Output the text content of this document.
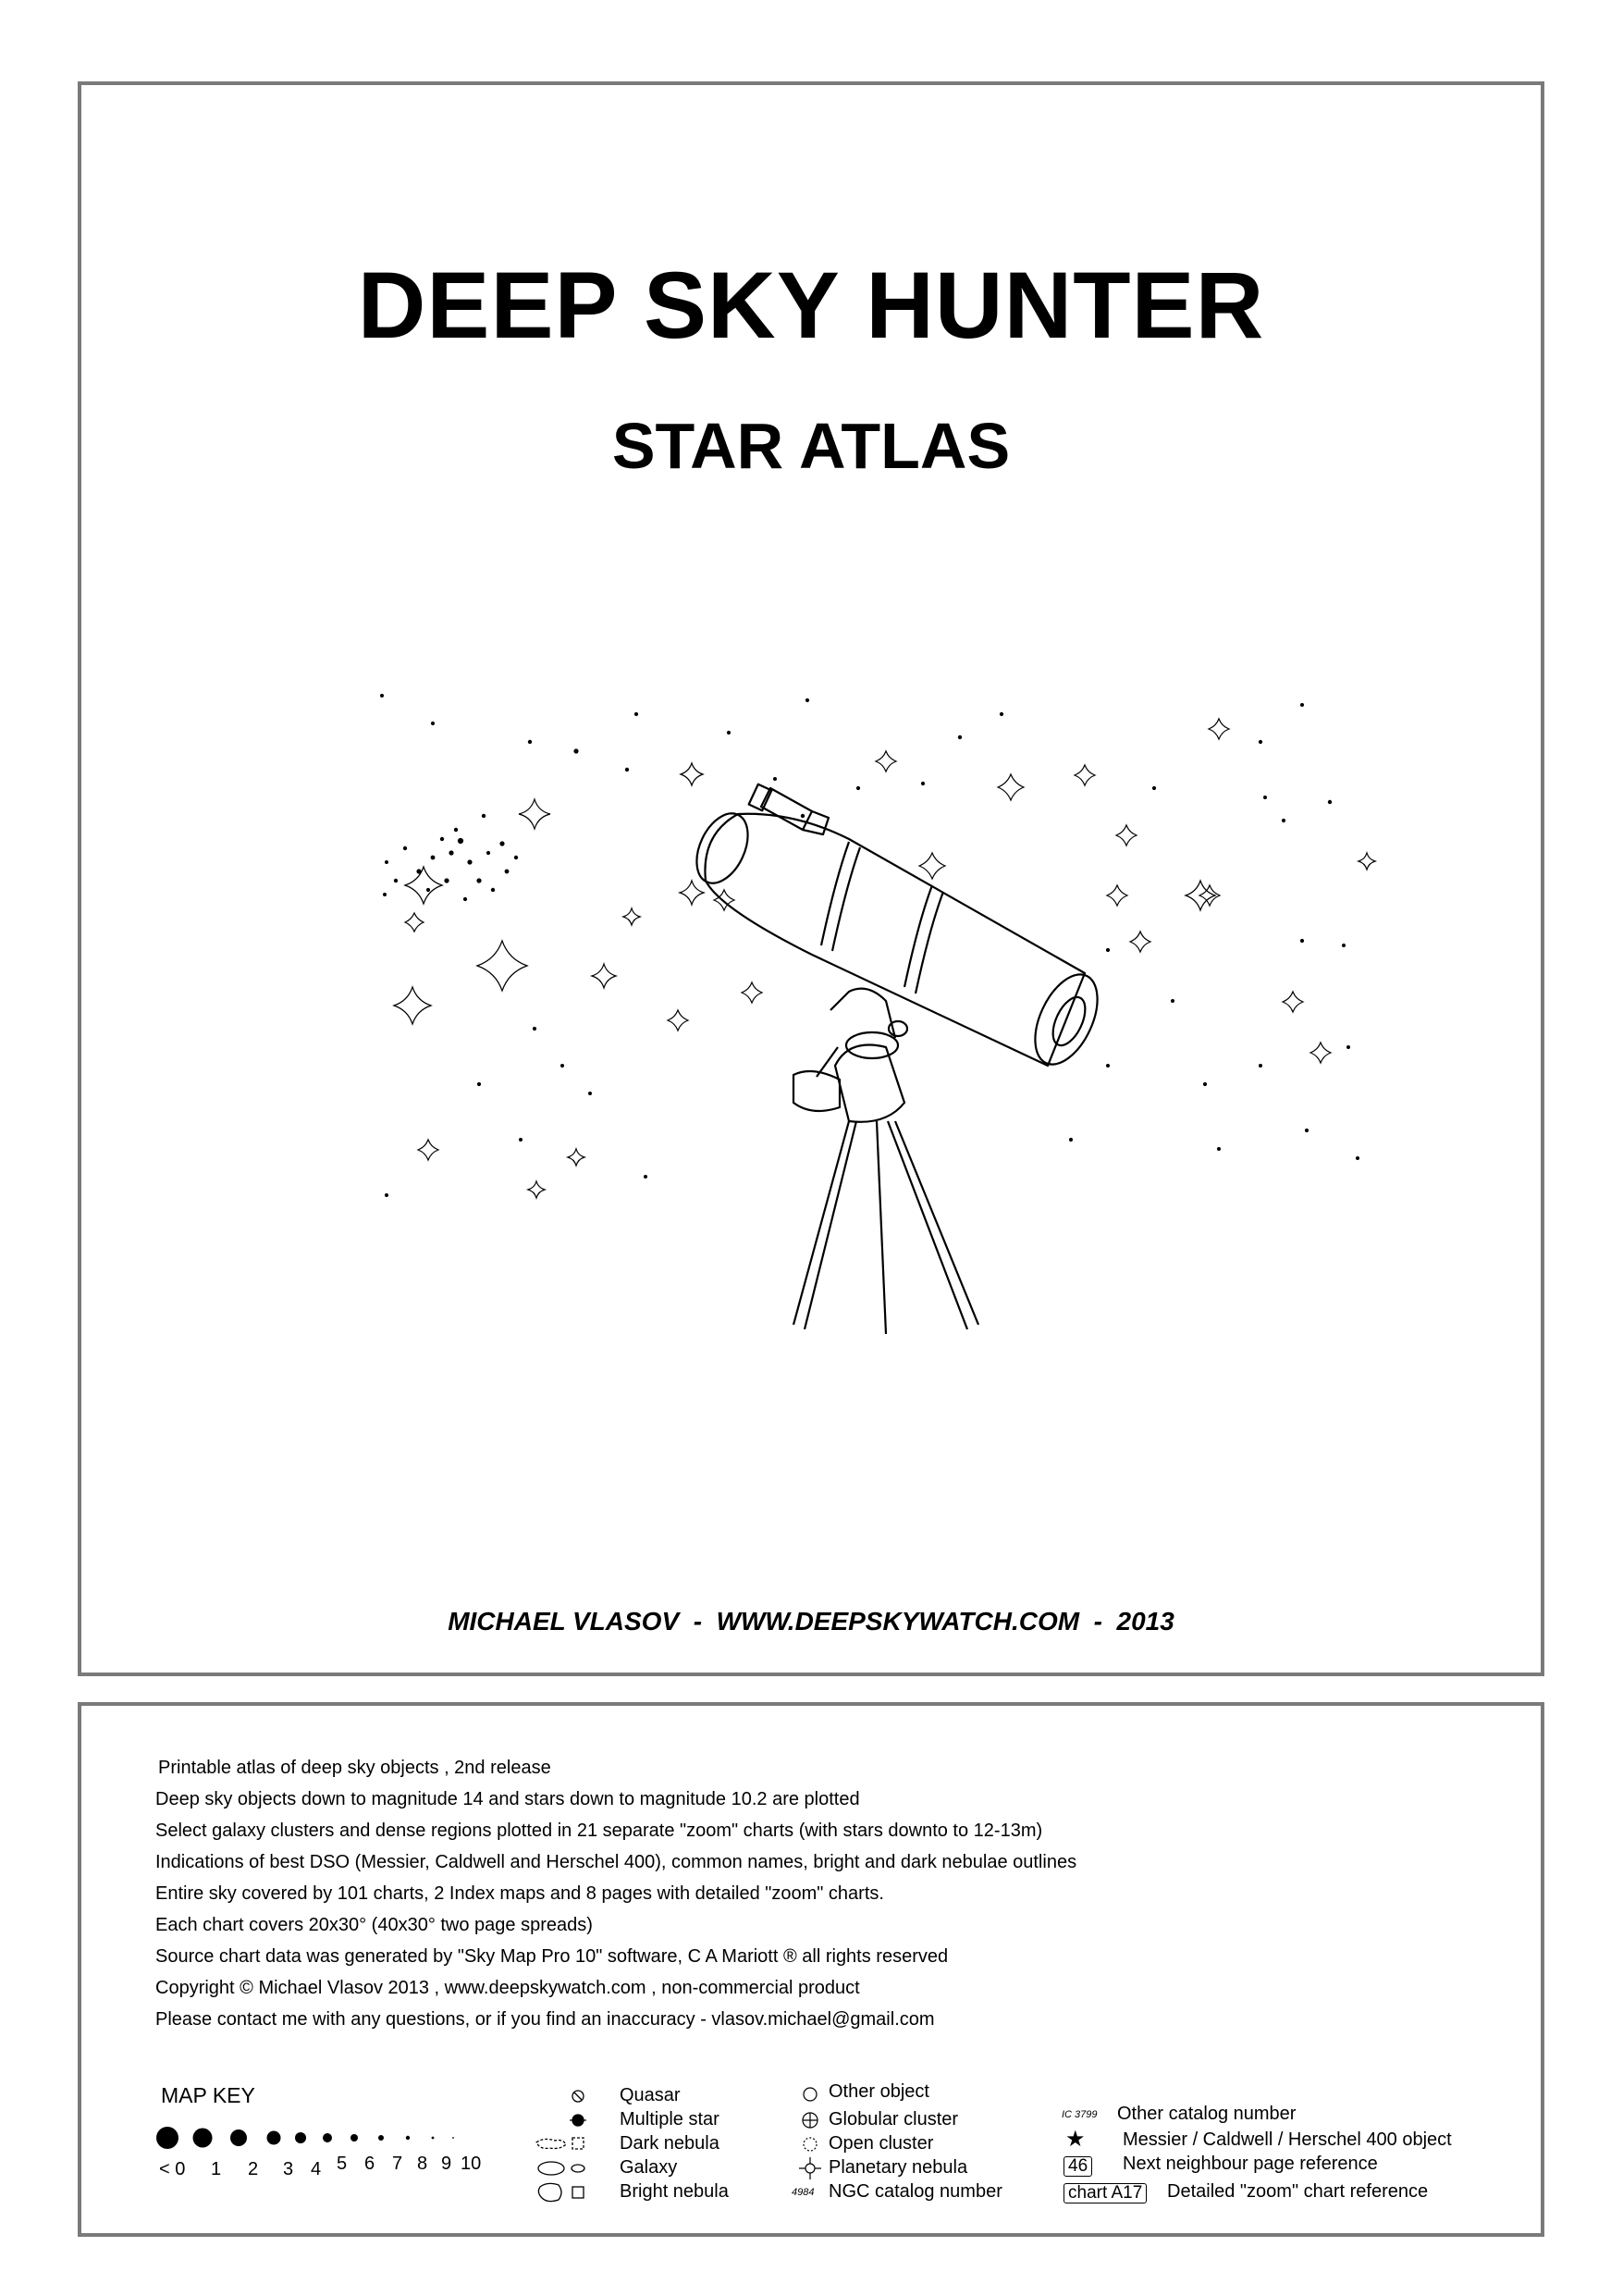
DEEP SKY HUNTER
STAR ATLAS
MICHAEL VLASOV  -  WWW.DEEPSKYWATCH.COM  -  2013
Printable atlas of deep sky objects , 2nd release
Deep sky objects down to magnitude 14 and stars down to magnitude 10.2 are plotted
Select galaxy clusters and dense regions plotted in 21 separate "zoom" charts (with stars downto to 12-13m)
Indications of best DSO (Messier, Caldwell and Herschel 400), common names, bright and dark nebulae outlines
Entire sky covered by 101 charts, 2 Index maps and 8 pages with detailed "zoom" charts.
Each chart covers 20x30° (40x30° two page spreads)
Source chart data was generated by "Sky Map Pro 10" software, C A Mariott ® all rights reserved
Copyright © Michael Vlasov 2013 , www.deepskywatch.com , non-commercial product
Please contact me with any questions, or if you find an inaccuracy - vlasov.michael@gmail.com
MAP KEY
< 0 1 2 3 4 5 6 7 8 9 10
Quasar
Multiple star
Dark nebula
Galaxy
Bright nebula	4984
Other object
Globular cluster
Open cluster
Planetary nebula
NGC catalog number
IC 3799 Other catalog number
★ Messier / Caldwell / Herschel 400 object
46 Next neighbour page reference
chart A17 Detailed "zoom" chart reference
